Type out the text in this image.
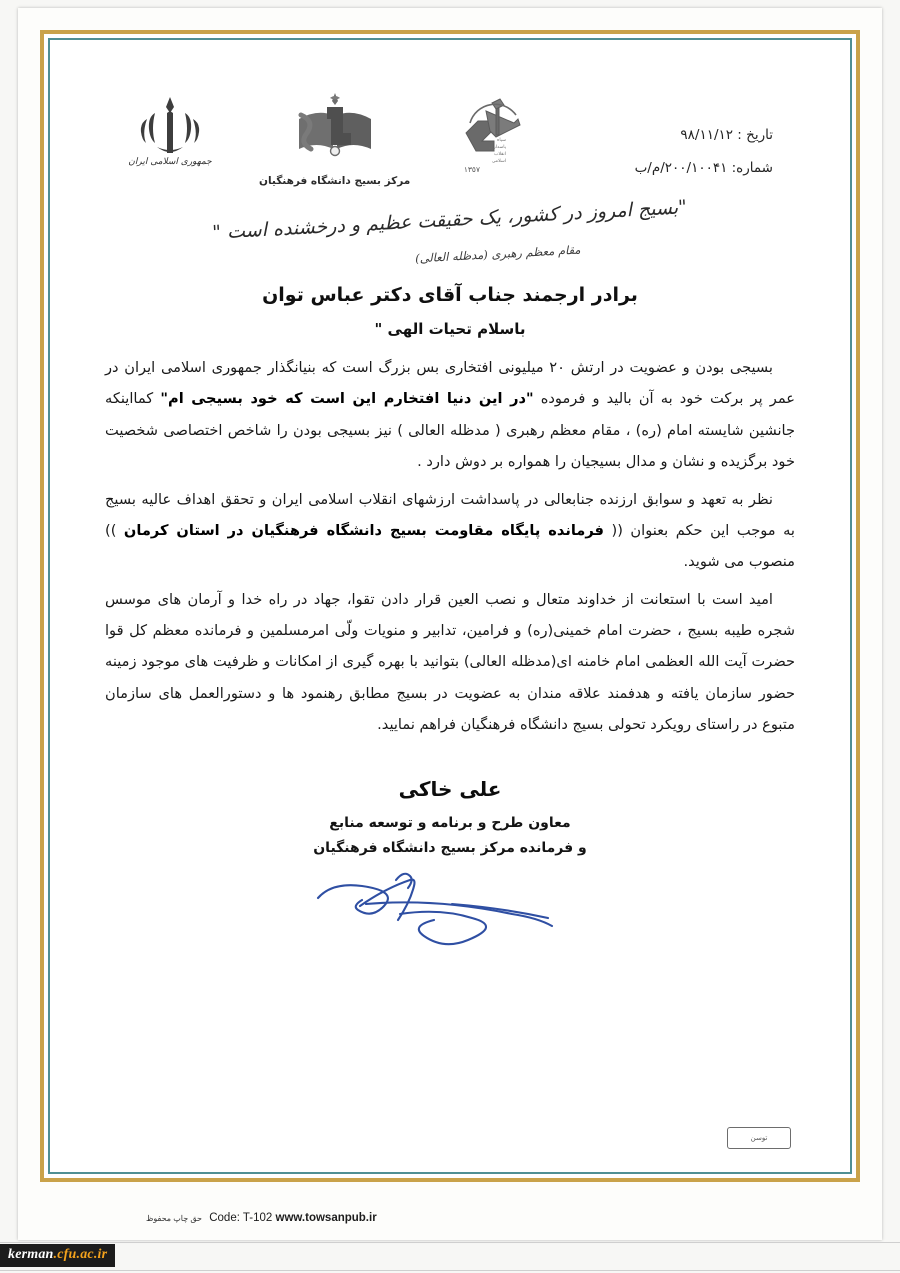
تاریخ : ۹۸/۱۱/۱۲
شماره: ۲۰۰/۱۰۰۴۱/م/ب
سپاه
پاسداران
انقلاب
اسلامی
١٣٥٧
مرکز بسیج دانشگاه فرهنگیان
جمهوری اسلامی ایران
"بسیج امروز در کشور، یک حقیقت عظیم و درخشنده است "
مقام معظم رهبری (مدظله العالی)
برادر ارجمند جناب آقای دکتر عباس توان
باسلام تحیات الهی "

بسیجی بودن و عضویت در ارتش ۲۰ میلیونی افتخاری بس بزرگ است که بنیانگذار جمهوری اسلامی ایران در عمر پر برکت خود به آن بالید و فرموده "در این دنیا افتخارم این است که خود بسیجی ام" کمااینکه جانشین شایسته امام (ره) ، مقام معظم رهبری ( مدظله العالی ) نیز بسیجی بودن را شاخص اختصاصی شخصیت خود برگزیده و نشان و مدال بسیجیان را همواره بر دوش دارد .

نظر به تعهد و سوابق ارزنده جنابعالی در پاسداشت ارزشهای انقلاب اسلامی ایران و تحقق اهداف عالیه بسیج به موجب این حکم بعنوان (( فرمانده پایگاه مقاومت بسیج دانشگاه فرهنگیان در استان کرمان )) منصوب می شوید.

امید است با استعانت از خداوند متعال و نصب العین قرار دادن تقوا، جهاد در راه خدا و آرمان های موسس شجره طیبه بسیج ، حضرت امام خمینی(ره) و فرامین، تدابیر و منویات ولّی امرمسلمین و فرمانده معظم کل قوا حضرت آیت الله العظمی امام خامنه ای(مدظله العالی) بتوانید با بهره گیری از امکانات و ظرفیت های موجود زمینه حضور سازمان یافته و هدفمند علاقه مندان به عضویت در بسیج مطابق رهنمود ها و دستورالعمل های سازمان متبوع در راستای رویکرد تحولی بسیج دانشگاه فرهنگیان فراهم نمایید.

علی خاکی
معاون طرح و برنامه و توسعه منابع
و فرمانده مرکز بسیج دانشگاه فرهنگیان
توسن
حق چاپ محفوظ Code: T-102 www.towsanpub.ir
kerman.cfu.ac.ir
